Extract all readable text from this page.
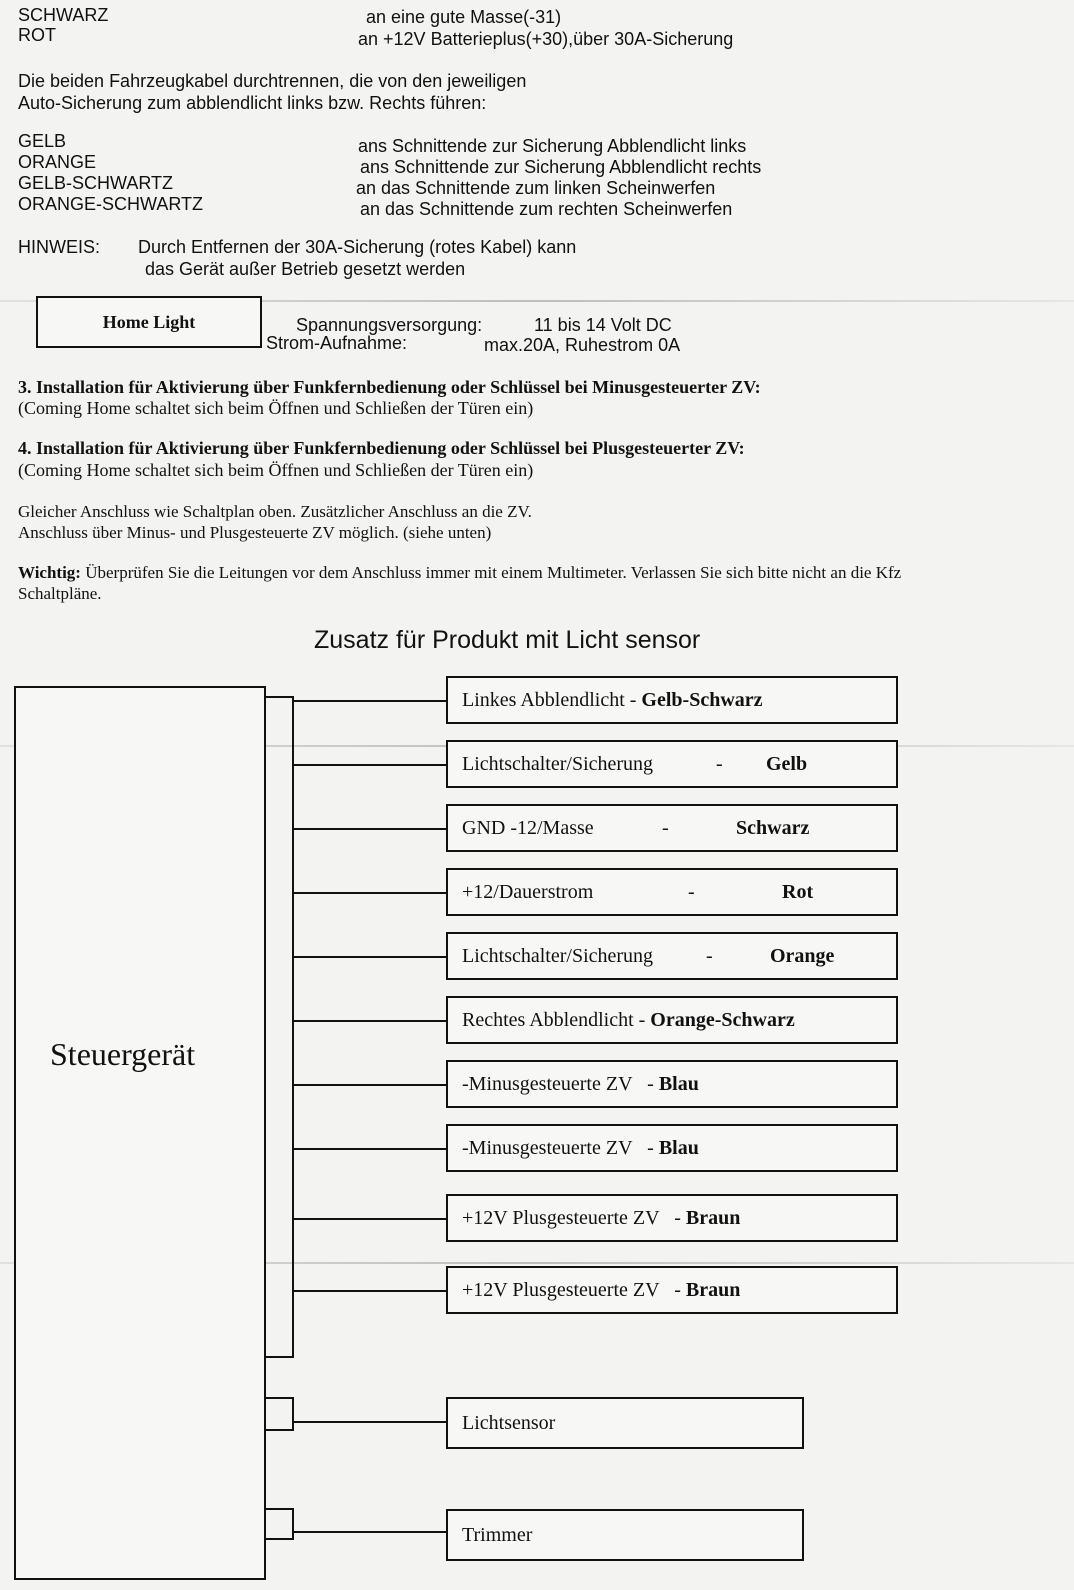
SCHWARZ	an eine gute Masse(-31)
ROT	an +12V Batterieplus(+30),über 30A-Sicherung
Die beiden Fahrzeugkabel durchtrennen, die von den jeweiligen
Auto-Sicherung zum abblendlicht links bzw. Rechts führen:
GELB	ans Schnittende zur Sicherung Abblendlicht links
ORANGE	ans Schnittende zur Sicherung Abblendlicht rechts
GELB-SCHWARTZ	an das Schnittende zum linken Scheinwerfen
ORANGE-SCHWARTZ	an das Schnittende zum rechten Scheinwerfen
HINWEIS: Durch Entfernen der 30A-Sicherung (rotes Kabel) kann
das Gerät außer Betrieb gesetzt werden
Home Light	Spannungsversorgung:	11 bis 14 Volt DC
Strom-Aufnahme:	max.20A, Ruhestrom 0A
3. Installation für Aktivierung über Funkfernbedienung oder Schlüssel bei Minusgesteuerter ZV:
(Coming Home schaltet sich beim Öffnen und Schließen der Türen ein)
4. Installation für Aktivierung über Funkfernbedienung oder Schlüssel bei Plusgesteuerter ZV:
(Coming Home schaltet sich beim Öffnen und Schließen der Türen ein)
Gleicher Anschluss wie Schaltplan oben. Zusätzlicher Anschluss an die ZV.
Anschluss über Minus- und Plusgesteuerte ZV möglich. (siehe unten)
Wichtig: Überprüfen Sie die Leitungen vor dem Anschluss immer mit einem Multimeter. Verlassen Sie sich bitte nicht an die Kfz
Schaltpläne.
Zusatz für Produkt mit Licht sensor
Steuergerät
Linkes Abblendlicht - Gelb-Schwarz
Lichtschalter/Sicherung	- Gelb
GND -12/Masse	-	Schwarz
+12/Dauerstrom	-	Rot
Lichtschalter/Sicherung	-	Orange
Rechtes Abblendlicht - Orange-Schwarz
-Minusgesteuerte ZV   - Blau
-Minusgesteuerte ZV   - Blau
+12V Plusgesteuerte ZV   - Braun
+12V Plusgesteuerte ZV   - Braun
Lichtsensor
Trimmer
